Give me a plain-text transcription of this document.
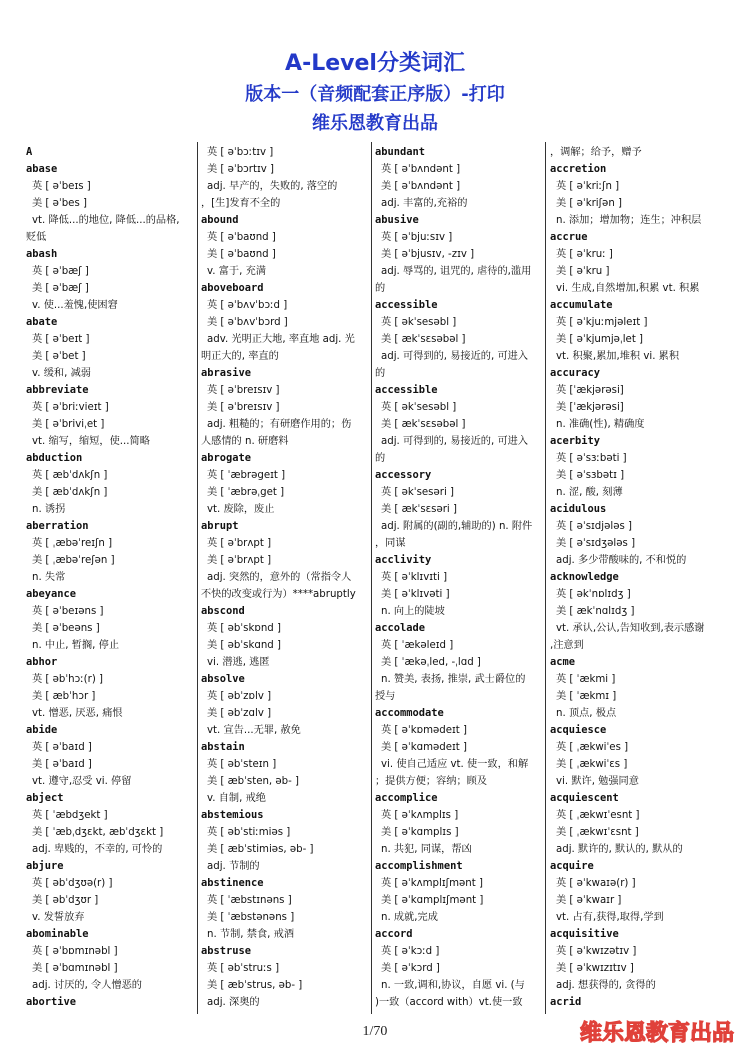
A-Level分类词汇
版本一（音频配套正序版）-打印
维乐恩教育出品
A
abase
英 [ əˈbeɪs ]
美 [ əˈbes ]
vt. 降低...的地位, 降低...的品格,
贬低
abash
英 [ əˈbæʃ ]
美 [ əˈbæʃ ]
v. 使...羞愧,使困窘
abate
英 [ əˈbeɪt ]
美 [ əˈbet ]
v. 缓和, 减弱
abbreviate
英 [ əˈbriːvieɪt ]
美 [ əˈbriviˌet ]
vt. 缩写，缩短，使...简略
abduction
英 [ æbˈdʌkʃn ]
美 [ æbˈdʌkʃn ]
n. 诱拐
aberration
英 [ ˌæbəˈreɪʃn ]
美 [ ˌæbəˈreʃən ]
n. 失常
abeyance
英 [ əˈbeɪəns ]
美 [ əˈbeəns ]
n. 中止, 暂搁, 停止
abhor
英 [ əbˈhɔː(r) ]
美 [ æbˈhɔr ]
vt. 憎恶, 厌恶, 痛恨
abide
英 [ əˈbaɪd ]
美 [ əˈbaɪd ]
vt. 遵守,忍受 vi. 停留
abject
英 [ ˈæbdʒekt ]
美 [ ˈæbˌdʒɛkt, æbˈdʒɛkt ]
adj. 卑贱的，不幸的, 可怜的
abjure
英 [ əbˈdʒʊə(r) ]
美 [ əbˈdʒʊr ]
v. 发誓放弃
abominable
英 [ əˈbɒmɪnəbl ]
美 [ əˈbɑmɪnəbl ]
adj. 讨厌的, 令人憎恶的
abortive
英 [ əˈbɔːtɪv ]
美 [ əˈbɔrtɪv ]
adj. 早产的，失败的, 落空的
，[生]发育不全的
abound
英 [ əˈbaʊnd ]
美 [ əˈbaʊnd ]
v. 富于, 充满
aboveboard
英 [ əˈbʌvˈbɔːd ]
美 [ əˈbʌvˈbɔrd ]
adv. 光明正大地, 率直地 adj. 光
明正大的, 率直的
abrasive
英 [ əˈbreɪsɪv ]
美 [ əˈbreɪsɪv ]
adj. 粗糙的；有研磨作用的；伤
人感情的 n. 研磨料
abrogate
英 [ ˈæbrəgeɪt ]
美 [ ˈæbrəˌget ]
vt. 废除，废止
abrupt
英 [ əˈbrʌpt ]
美 [ əˈbrʌpt ]
adj. 突然的，意外的（常指令人
不快的改变或行为）****abruptly
abscond
英 [ əbˈskɒnd ]
美 [ əbˈskɑnd ]
vi. 潜逃, 逃匿
absolve
英 [ əbˈzɒlv ]
美 [ əbˈzɑlv ]
vt. 宣告...无罪, 赦免
abstain
英 [ əbˈsteɪn ]
美 [ æbˈsten, əb- ]
v. 自制, 戒绝
abstemious
英 [ əbˈstiːmiəs ]
美 [ æbˈstimiəs, əb- ]
adj. 节制的
abstinence
英 [ ˈæbstɪnəns ]
美 [ ˈæbstənəns ]
n. 节制, 禁食, 戒酒
abstruse
英 [ əbˈstruːs ]
美 [ æbˈstrus, əb- ]
adj. 深奥的
abundant
英 [ əˈbʌndənt ]
美 [ əˈbʌndənt ]
adj. 丰富的,充裕的
abusive
英 [ əˈbjuːsɪv ]
美 [ əˈbjusɪv, -zɪv ]
adj. 辱骂的, 诅咒的, 虐待的,滥用
的
accessible
英 [ əkˈsesəbl ]
美 [ ækˈsɛsəbəl ]
adj. 可得到的, 易接近的, 可进入
的
accessible
英 [ əkˈsesəbl ]
美 [ ækˈsɛsəbəl ]
adj. 可得到的, 易接近的, 可进入
的
accessory
英 [ əkˈsesəri ]
美 [ ækˈsɛsəri ]
adj. 附属的(副的,辅助的) n. 附件
，同谋
acclivity
英 [ əˈklɪvɪti ]
美 [ əˈklɪvəti ]
n. 向上的陡坡
accolade
英 [ ˈækəleɪd ]
美 [ ˈækəˌled, -ˌlɑd ]
n. 赞美, 表扬, 推崇, 武士爵位的
授与
accommodate
英 [ əˈkɒmədeɪt ]
美 [ əˈkɑmədeɪt ]
vi. 使自己适应 vt. 使一致，和解
；提供方便；容纳；顾及
accomplice
英 [ əˈkʌmplɪs ]
美 [ əˈkɑmplɪs ]
n. 共犯, 同谋，帮凶
accomplishment
英 [ əˈkʌmplɪʃmənt ]
美 [ əˈkɑmplɪʃmənt ]
n. 成就,完成
accord
英 [ əˈkɔːd ]
美 [ əˈkɔrd ]
n. 一致,调和,协议，自愿 vi. (与
)一致（accord with）vt.使一致
，调解；给予，赠予
accretion
英 [ əˈkriːʃn ]
美 [ əˈkriʃən ]
n. 添加；增加物；连生；冲积层
accrue
英 [ əˈkruː ]
美 [ əˈkru ]
vi. 生成,自然增加,积累 vt. 积累
accumulate
英 [ əˈkjuːmjəleɪt ]
美 [ əˈkjumjəˌlet ]
vt. 积聚,累加,堆积 vi. 累积
accuracy
英 [ˈækjərəsi]
美 [ˈækjərəsi]
n. 准确(性), 精确度
acerbity
英 [ əˈsɜːbəti ]
美 [ əˈsɜbətɪ ]
n. 涩, 酸, 刻薄
acidulous
英 [ əˈsɪdjələs ]
美 [ əˈsɪdʒələs ]
adj. 多少带酸味的, 不和悦的
acknowledge
英 [ əkˈnɒlɪdʒ ]
美 [ ækˈnɑlɪdʒ ]
vt. 承认,公认,告知收到,表示感谢
,注意到
acme
英 [ ˈækmi ]
美 [ ˈækmɪ ]
n. 顶点, 极点
acquiesce
英 [ ˌækwiˈes ]
美 [ ˌækwiˈɛs ]
vi. 默许, 勉强同意
acquiescent
英 [ ˌækwɪˈesnt ]
美 [ ˌækwɪˈɛsnt ]
adj. 默许的, 默认的, 默从的
acquire
英 [ əˈkwaɪə(r) ]
美 [ əˈkwaɪr ]
vt. 占有,获得,取得,学到
acquisitive
英 [ əˈkwɪzətɪv ]
美 [ əˈkwɪzɪtɪv ]
adj. 想获得的, 贪得的
acrid
1/70	维乐恩教育出品
